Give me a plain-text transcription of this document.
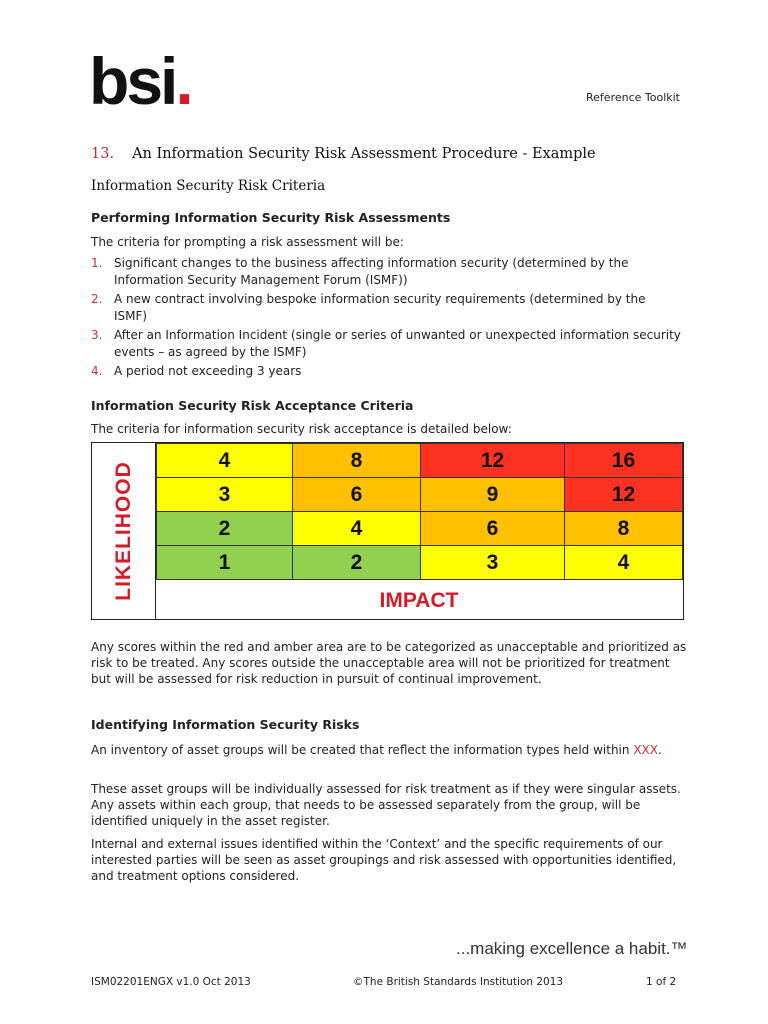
bsi.	Reference Toolkit
13. An Information Security Risk Assessment Procedure - Example
Information Security Risk Criteria
Performing Information Security Risk Assessments
The criteria for prompting a risk assessment will be:
1. Significant changes to the business affecting information security (determined by the Information Security Management Forum (ISMF))
2. A new contract involving bespoke information security requirements (determined by the ISMF)
3. After an Information Incident (single or series of unwanted or unexpected information security events – as agreed by the ISMF)
4. A period not exceeding 3 years
Information Security Risk Acceptance Criteria
The criteria for information security risk acceptance is detailed below:
LIKELIHOOD
4	8	12	16
3	6	9	12
2	4	6	8
1	2	3	4
IMPACT
Any scores within the red and amber area are to be categorized as unacceptable and prioritized as risk to be treated. Any scores outside the unacceptable area will not be prioritized for treatment but will be assessed for risk reduction in pursuit of continual improvement.
Identifying Information Security Risks
An inventory of asset groups will be created that reflect the information types held within XXX.
These asset groups will be individually assessed for risk treatment as if they were singular assets. Any assets within each group, that needs to be assessed separately from the group, will be identified uniquely in the asset register.
Internal and external issues identified within the ‘Context’ and the specific requirements of our interested parties will be seen as asset groupings and risk assessed with opportunities identified, and treatment options considered.
...making excellence a habit.™
ISM02201ENGX v1.0 Oct 2013	©The British Standards Institution 2013	1 of 2
